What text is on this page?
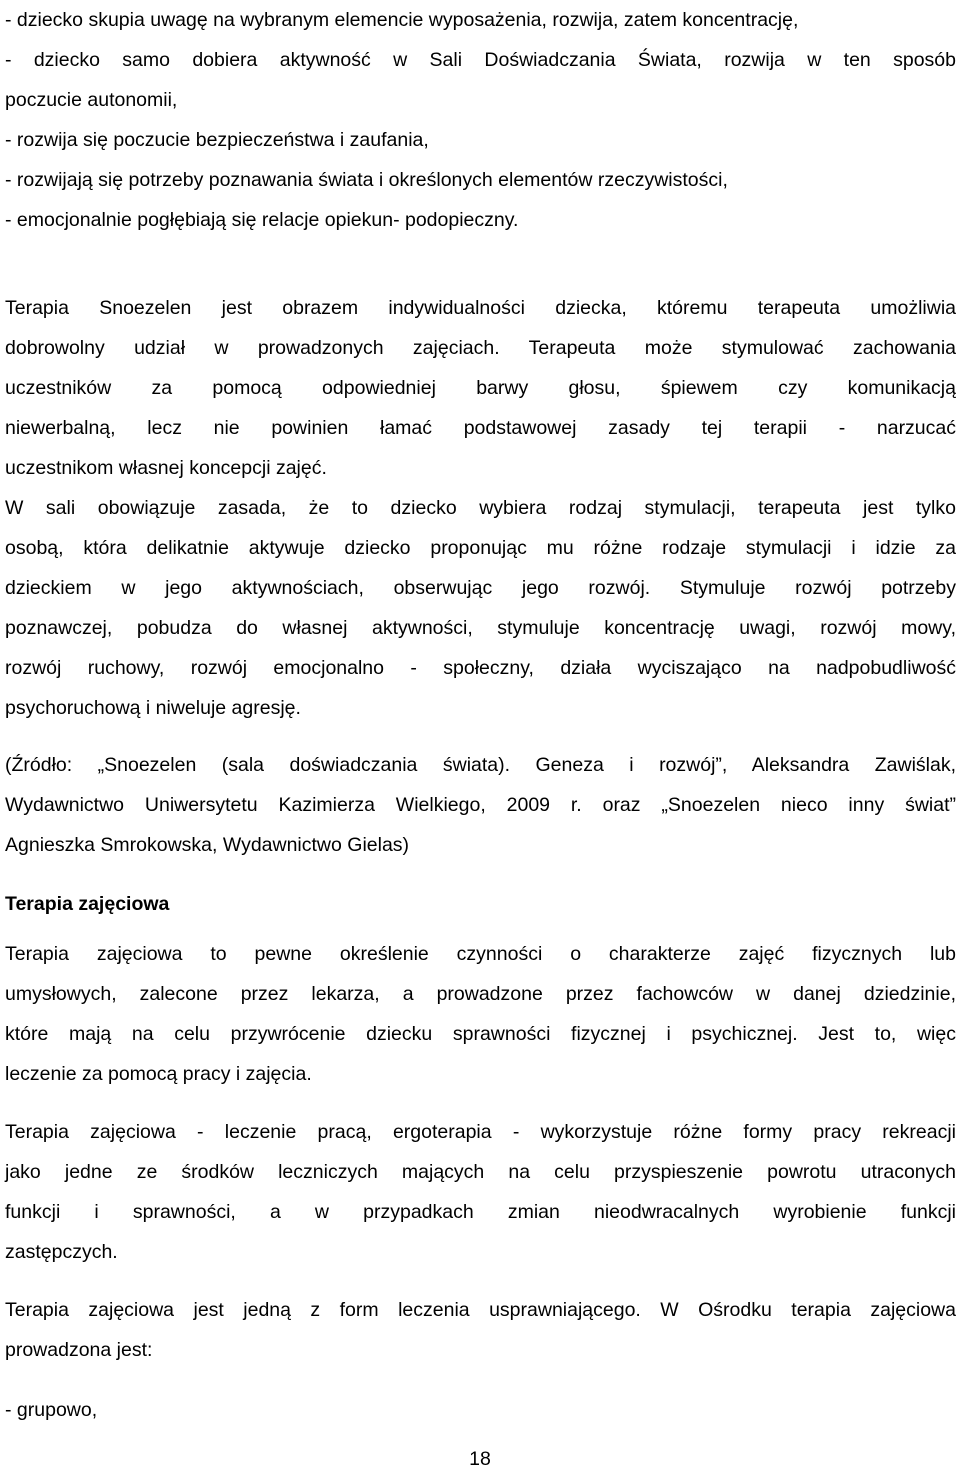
- dziecko skupia uwagę na wybranym elemencie wyposażenia, rozwija, zatem koncentrację,
- dziecko samo dobiera aktywność w Sali Doświadczania Świata, rozwija w ten sposób
poczucie autonomii,
- rozwija się poczucie bezpieczeństwa i zaufania,
- rozwijają się potrzeby poznawania świata i określonych elementów rzeczywistości,
- emocjonalnie pogłębiają się relacje opiekun- podopieczny.
Terapia Snoezelen jest obrazem indywidualności dziecka, któremu terapeuta umożliwia
dobrowolny udział w prowadzonych zajęciach. Terapeuta może stymulować zachowania
uczestników za pomocą odpowiedniej barwy głosu, śpiewem czy komunikacją
niewerbalną, lecz nie powinien łamać podstawowej zasady tej terapii - narzucać
uczestnikom własnej koncepcji zajęć.
W sali obowiązuje zasada, że to dziecko wybiera rodzaj stymulacji, terapeuta jest tylko
osobą, która delikatnie aktywuje dziecko proponując mu różne rodzaje stymulacji i idzie za
dzieckiem w jego aktywnościach, obserwując jego rozwój. Stymuluje rozwój potrzeby
poznawczej, pobudza do własnej aktywności, stymuluje koncentrację uwagi, rozwój mowy,
rozwój ruchowy, rozwój emocjonalno - społeczny, działa wyciszająco na nadpobudliwość
psychoruchową i niweluje agresję.
(Źródło: „Snoezelen (sala doświadczania świata). Geneza i rozwój”, Aleksandra Zawiślak,
Wydawnictwo Uniwersytetu Kazimierza Wielkiego, 2009 r. oraz „Snoezelen nieco inny świat”
Agnieszka Smrokowska, Wydawnictwo Gielas)
Terapia zajęciowa
Terapia zajęciowa to pewne określenie czynności o charakterze zajęć fizycznych lub
umysłowych, zalecone przez lekarza, a prowadzone przez fachowców w danej dziedzinie,
które mają na celu przywrócenie dziecku sprawności fizycznej i psychicznej. Jest to, więc
leczenie za pomocą pracy i zajęcia.
Terapia zajęciowa - leczenie pracą, ergoterapia - wykorzystuje różne formy pracy rekreacji
jako jedne ze środków leczniczych mających na celu przyspieszenie powrotu utraconych
funkcji i sprawności, a w przypadkach zmian nieodwracalnych wyrobienie funkcji
zastępczych.
Terapia zajęciowa jest jedną z form leczenia usprawniającego. W Ośrodku terapia zajęciowa
prowadzona jest:
- grupowo,
18
